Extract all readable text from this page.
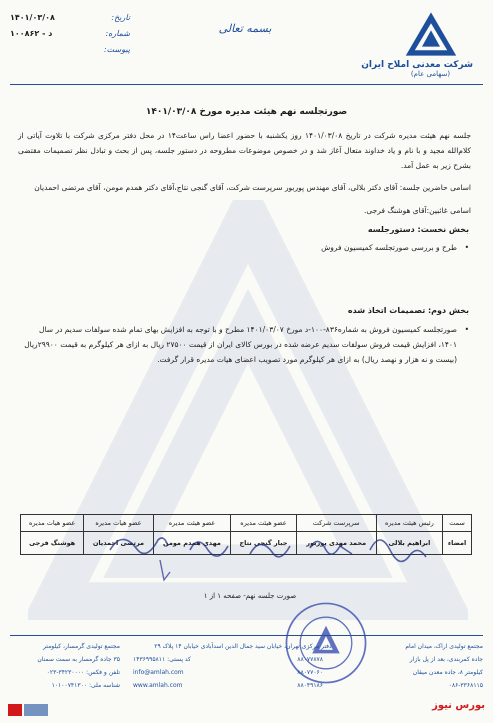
شرکت معدنی املاح ایران
(سهامی عام)
بسمه تعالی
تاریخ:
۱۴۰۱/۰۳/۰۸
شماره:
د - ۱۰۰۸۶۲
پیوست:
صورتجلسه نهم هیئت مدیره مورخ ۱۴۰۱/۰۳/۰۸
جلسه نهم هیئت مدیره شرکت در تاریخ ۱۴۰۱/۰۳/۰۸ روز یکشنبه با حضور اعضا راس ساعت۱۴ در محل دفتر مرکزی شرکت با تلاوت آیاتی از کلام‌الله مجید و با نام و یاد خداوند متعال آغاز شد و در خصوص موضوعات مطروحه در دستور جلسه، پس از بحث و تبادل نظر تصمیمات مقتضی بشرح زیر به عمل آمد.
اسامی حاضرین جلسه: آقای دکتر بلالی، آقای مهندس پوربور سرپرست شرکت، آقای گنجی نتاج،آقای دکتر همدم مومن، آقای مرتضی احمدیان
اسامی غائبین:آقای هوشنگ فرجی.
بخش نخست: دستورجلسه
•
طرح و بررسی صورتجلسه کمیسیون فروش
بخش دوم: تصمیمات اتخاذ شده
•
صورتجلسه کمیسیون فروش به شماره۸۳۶‌-۱۰۰-د مورخ ۱۴۰۱/۰۳/۰۷ مطرح و با توجه به افزایش بهای تمام شده سولفات سدیم در سال ۱۴۰۱، افزایش قیمت فروش سولفات سدیم عرضه شده در بورس کالای ایران از قیمت ۲۷۵۰۰ ریال به ازای هر کیلوگرم به قیمت ۲۹۹۰۰ریال (بیست و نه هزار و نهصد ریال) به ازای هر کیلوگرم مورد تصویب اعضای هیات مدیره قرار گرفت.
سمت	رئیس هیئت مدیره	سرپرست شرکت	عضو هیئت مدیره	عضو هیئت مدیره	عضو هیات مدیره	عضو هیات مدیره
امضاء	ابراهیم بلالی	محمد مهدی پوربور	جبار گنجی نتاج	مهدی همدم مومن	مرتضی احمدیان	هوشنگ فرجی
صورت جلسه نهم- صفحه ۱ از ۱
مجتمع تولیدی اراک، میدان امام
جاده کمربندی، بعد از پل بازار
کیلومتر ۸، جاده معدن میقان
۰۸۶-۳۳۶۸۱۱۵
دفتر مرکزی تهران، خیابان سید جمال الدین اسدآبادی خیابان ۱۴ پلاک ۲۹
۸۸۰۷۷۸۷۸
۸۸۰۷۷۰۶۰
۸۸۰۴۹۱۸۶
کد پستی: ۱۴۳۶۹۹۵۸۱۱
info@amlah.com
www.amlah.com
مجتمع تولیدی گرمسار، کیلومتر
۳۵ جاده گرمسار به سمت سمنان
تلفن و فکس: ۳۴۲۳۰۰۰۰-۰۲۳
شناسه ملی: ۱۰۱۰۰۷۴۱۳۰۰
بورس نیوز
